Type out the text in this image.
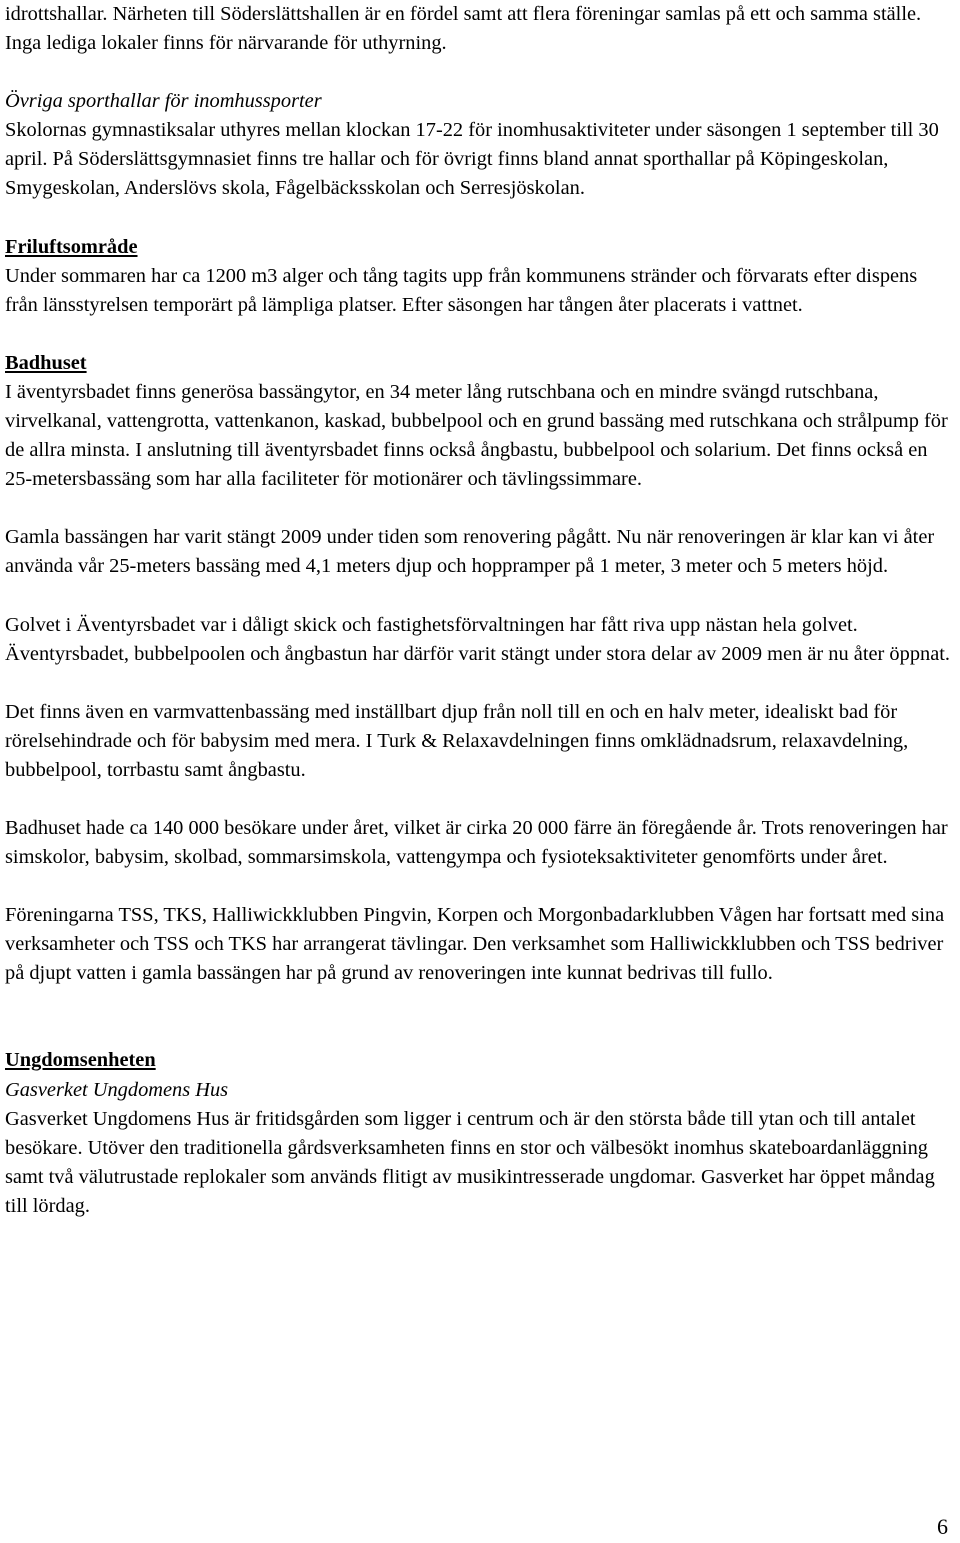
idrottshallar. Närheten till Söderslättshallen är en fördel samt att flera föreningar samlas på ett och samma ställe. Inga lediga lokaler finns för närvarande för uthyrning.

Övriga sporthallar för inomhussporter

Skolornas gymnastiksalar uthyres mellan klockan 17-22 för inomhusaktiviteter under säsongen 1 september till 30 april. På Söderslättsgymnasiet finns tre hallar och för övrigt finns bland annat sporthallar på Köpingeskolan, Smygeskolan, Anderslövs skola, Fågelbäcksskolan och Serresjöskolan.

Friluftsområde

Under sommaren har ca 1200 m3 alger och tång tagits upp från kommunens stränder och förvarats efter dispens från länsstyrelsen temporärt på lämpliga platser. Efter säsongen har tången åter placerats i vattnet.

Badhuset

I äventyrsbadet finns generösa bassängytor, en 34 meter lång rutschbana och en mindre svängd rutschbana, virvelkanal, vattengrotta, vattenkanon, kaskad, bubbelpool och en grund bassäng med rutschkana och strålpump för de allra minsta. I anslutning till äventyrsbadet finns också ångbastu, bubbelpool och solarium. Det finns också en 25-metersbassäng som har alla faciliteter för motionärer och tävlingssimmare.

Gamla bassängen har varit stängt 2009 under tiden som renovering pågått. Nu när renoveringen är klar kan vi åter använda vår 25-meters bassäng med 4,1 meters djup och hoppramper på 1 meter, 3 meter och 5 meters höjd.

Golvet i Äventyrsbadet var i dåligt skick och fastighetsförvaltningen har fått riva upp nästan hela golvet. Äventyrsbadet, bubbelpoolen och ångbastun har därför varit stängt under stora delar av 2009 men är nu åter öppnat.

Det finns även en varmvattenbassäng med inställbart djup från noll till en och en halv meter, idealiskt bad för rörelsehindrade och för babysim med mera. I Turk & Relaxavdelningen finns omklädnadsrum, relaxavdelning, bubbelpool, torrbastu samt ångbastu.

Badhuset hade ca 140 000 besökare under året, vilket är cirka 20 000 färre än föregående år. Trots renoveringen har simskolor, babysim, skolbad, sommarsimskola, vattengympa och fysioteksaktiviteter genomförts under året.

Föreningarna TSS, TKS, Halliwickklubben Pingvin, Korpen och Morgonbadarklubben Vågen har fortsatt med sina verksamheter och TSS och TKS har arrangerat tävlingar. Den verksamhet som Halliwickklubben och TSS bedriver på djupt vatten i gamla bassängen har på grund av renoveringen inte kunnat bedrivas till fullo.

Ungdomsenheten

Gasverket Ungdomens Hus

Gasverket Ungdomens Hus är fritidsgården som ligger i centrum och är den största både till ytan och till antalet besökare. Utöver den traditionella gårdsverksamheten finns en stor och välbesökt inomhus skateboardanläggning samt två välutrustade replokaler som används flitigt av musikintresserade ungdomar. Gasverket har öppet måndag till lördag.

6
